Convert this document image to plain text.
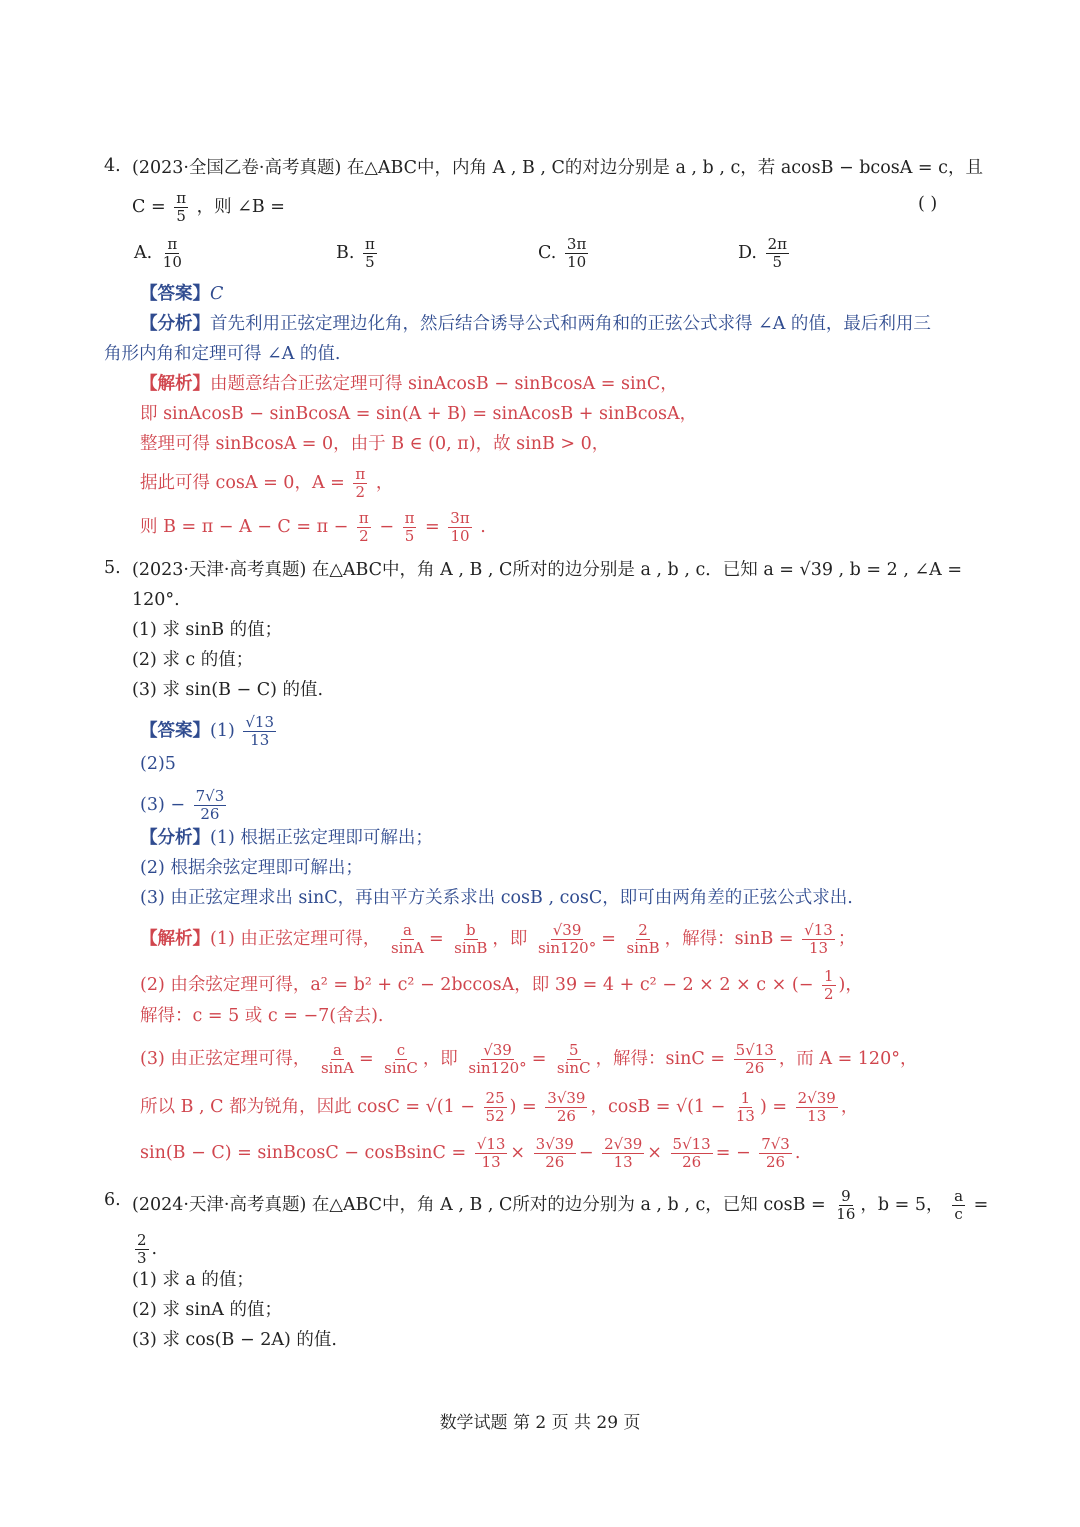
4. (2023·全国乙卷·高考真题) 在△ABC中，内角 A , B , C的对边分别是 a , b , c，若 acosB − bcosA = c，且
$C = \frac{\pi}{5}$ ，则 ∠B =	( )
A. $\frac{\pi}{10}$	B. $\frac{\pi}{5}$	C. $\frac{3\pi}{10}$	D. $\frac{2\pi}{5}$
【答案】C
【分析】首先利用正弦定理边化角，然后结合诱导公式和两角和的正弦公式求得 ∠A 的值，最后利用三
角形内角和定理可得 ∠A 的值.
【解析】由题意结合正弦定理可得 sinAcosB − sinBcosA = sinC，
即 sinAcosB − sinBcosA = sin(A + B) = sinAcosB + sinBcosA，
整理可得 sinBcosA = 0，由于 B ∈ (0, π)，故 sinB > 0，
据此可得 cosA = 0，$A = \frac{\pi}{2}$ ，
则 $B = \pi - A - C = \pi - \frac{\pi}{2} - \frac{\pi}{5} = \frac{3\pi}{10}$ .
5. (2023·天津·高考真题) 在△ABC中，角 A , B , C所对的边分别是 a , b , c．已知 a = √39 , b = 2 , ∠A =
120°.
(1) 求 sinB 的值；
(2) 求 c 的值；
(3) 求 sin(B − C) 的值.
【答案】$(1) \frac{√13}{13}$
(2)5
$(3) - \frac{7√3}{26}$
【分析】(1) 根据正弦定理即可解出；
(2) 根据余弦定理即可解出；
(3) 由正弦定理求出 sinC，再由平方关系求出 cosB , cosC，即可由两角差的正弦公式求出.
【解析】(1) 由正弦定理可得， $\frac{a}{\sin A} = \frac{b}{\sin B}$ ，即 $\frac{√39}{\sin 120^\circ} = \frac{2}{\sin B}$ ，解得：$\sin B = \frac{√13}{13}$ ；
(2) 由余弦定理可得，a² = b² + c² − 2bccosA，即 39 = 4 + c² − 2 × 2 × c × (− $\frac{1}{2}$ )，
解得：c = 5 或 c = −7(舍去).
(3) 由正弦定理可得， $\frac{a}{\sin A} = \frac{c}{\sin C}$ ，即 $\frac{√39}{\sin 120^\circ} = \frac{5}{\sin C}$ ，解得：$\sin C = \frac{5√13}{26}$ ，而 A = 120°，
所以 B , C 都为锐角，因此 $\cos C = √(1 - \frac{25}{52}$ ) = $\frac{3√39}{26}$ ，$\cos B = √(1 - \frac{1}{13}$ ) = $\frac{2√39}{13}$ ，
sin(B − C) = sinBcosC − cosBsinC = $\frac{√13}{13} \times \frac{3√39}{26} - \frac{2√39}{13} \times \frac{5√13}{26}$ = − $\frac{7√3}{26}$ .
6. (2024·天津·高考真题) 在△ABC中，角 A , B , C所对的边分别为 a , b , c，已知 $\cos B = \frac{9}{16}$ ，b = 5， $\frac{a}{c}$ =
$\frac{2}{3}$ .
(1) 求 a 的值；
(2) 求 sinA 的值；
(3) 求 cos(B − 2A) 的值.
数学试题 第 2 页 共 29 页
